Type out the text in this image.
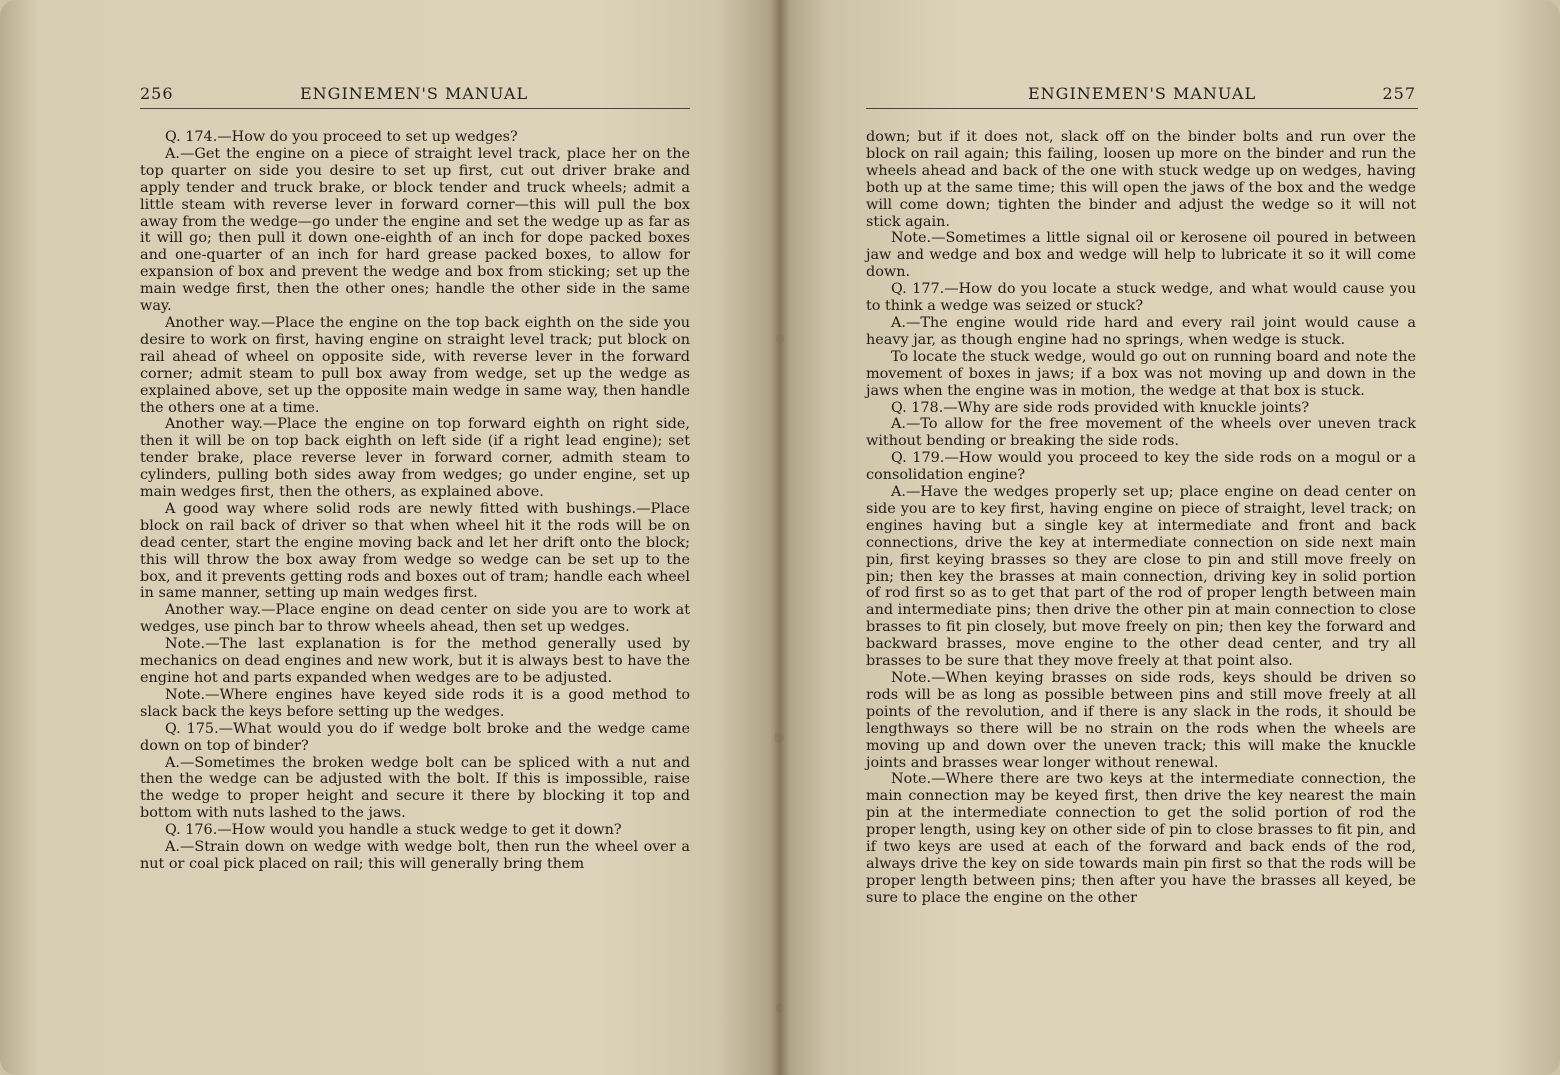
256	ENGINEMEN'S MANUAL

Q. 174.—How do you proceed to set up wedges?

A.—Get the engine on a piece of straight level track, place her on the top quarter on side you desire to set up first, cut out driver brake and apply tender and truck brake, or block tender and truck wheels; admit a little steam with reverse lever in forward corner—this will pull the box away from the wedge—go under the engine and set the wedge up as far as it will go; then pull it down one-eighth of an inch for dope packed boxes and one-quarter of an inch for hard grease packed boxes, to allow for expansion of box and prevent the wedge and box from sticking; set up the main wedge first, then the other ones; handle the other side in the same way.

Another way.—Place the engine on the top back eighth on the side you desire to work on first, having engine on straight level track; put block on rail ahead of wheel on opposite side, with reverse lever in the forward corner; admit steam to pull box away from wedge, set up the wedge as explained above, set up the opposite main wedge in same way, then handle the others one at a time.

Another way.—Place the engine on top forward eighth on right side, then it will be on top back eighth on left side (if a right lead engine); set tender brake, place reverse lever in forward corner, admith steam to cylinders, pulling both sides away from wedges; go under engine, set up main wedges first, then the others, as explained above.

A good way where solid rods are newly fitted with bushings.—Place block on rail back of driver so that when wheel hit it the rods will be on dead center, start the engine moving back and let her drift onto the block; this will throw the box away from wedge so wedge can be set up to the box, and it prevents getting rods and boxes out of tram; handle each wheel in same manner, setting up main wedges first.

Another way.—Place engine on dead center on side you are to work at wedges, use pinch bar to throw wheels ahead, then set up wedges.

Note.—The last explanation is for the method generally used by mechanics on dead engines and new work, but it is always best to have the engine hot and parts expanded when wedges are to be adjusted.

Note.—Where engines have keyed side rods it is a good method to slack back the keys before setting up the wedges.

Q. 175.—What would you do if wedge bolt broke and the wedge came down on top of binder?

A.—Sometimes the broken wedge bolt can be spliced with a nut and then the wedge can be adjusted with the bolt. If this is impossible, raise the wedge to proper height and secure it there by blocking it top and bottom with nuts lashed to the jaws.

Q. 176.—How would you handle a stuck wedge to get it down?

A.—Strain down on wedge with wedge bolt, then run the wheel over a nut or coal pick placed on rail; this will generally bring them

ENGINEMEN'S MANUAL	257

down; but if it does not, slack off on the binder bolts and run over the block on rail again; this failing, loosen up more on the binder and run the wheels ahead and back of the one with stuck wedge up on wedges, having both up at the same time; this will open the jaws of the box and the wedge will come down; tighten the binder and adjust the wedge so it will not stick again.

Note.—Sometimes a little signal oil or kerosene oil poured in between jaw and wedge and box and wedge will help to lubricate it so it will come down.

Q. 177.—How do you locate a stuck wedge, and what would cause you to think a wedge was seized or stuck?

A.—The engine would ride hard and every rail joint would cause a heavy jar, as though engine had no springs, when wedge is stuck.

To locate the stuck wedge, would go out on running board and note the movement of boxes in jaws; if a box was not moving up and down in the jaws when the engine was in motion, the wedge at that box is stuck.

Q. 178.—Why are side rods provided with knuckle joints?

A.—To allow for the free movement of the wheels over uneven track without bending or breaking the side rods.

Q. 179.—How would you proceed to key the side rods on a mogul or a consolidation engine?

A.—Have the wedges properly set up; place engine on dead center on side you are to key first, having engine on piece of straight, level track; on engines having but a single key at intermediate and front and back connections, drive the key at intermediate connection on side next main pin, first keying brasses so they are close to pin and still move freely on pin; then key the brasses at main connection, driving key in solid portion of rod first so as to get that part of the rod of proper length between main and intermediate pins; then drive the other pin at main connection to close brasses to fit pin closely, but move freely on pin; then key the forward and backward brasses, move engine to the other dead center, and try all brasses to be sure that they move freely at that point also.

Note.—When keying brasses on side rods, keys should be driven so rods will be as long as possible between pins and still move freely at all points of the revolution, and if there is any slack in the rods, it should be lengthways so there will be no strain on the rods when the wheels are moving up and down over the uneven track; this will make the knuckle joints and brasses wear longer without renewal.

Note.—Where there are two keys at the intermediate connection, the main connection may be keyed first, then drive the key nearest the main pin at the intermediate connection to get the solid portion of rod the proper length, using key on other side of pin to close brasses to fit pin, and if two keys are used at each of the forward and back ends of the rod, always drive the key on side towards main pin first so that the rods will be proper length between pins; then after you have the brasses all keyed, be sure to place the engine on the other
